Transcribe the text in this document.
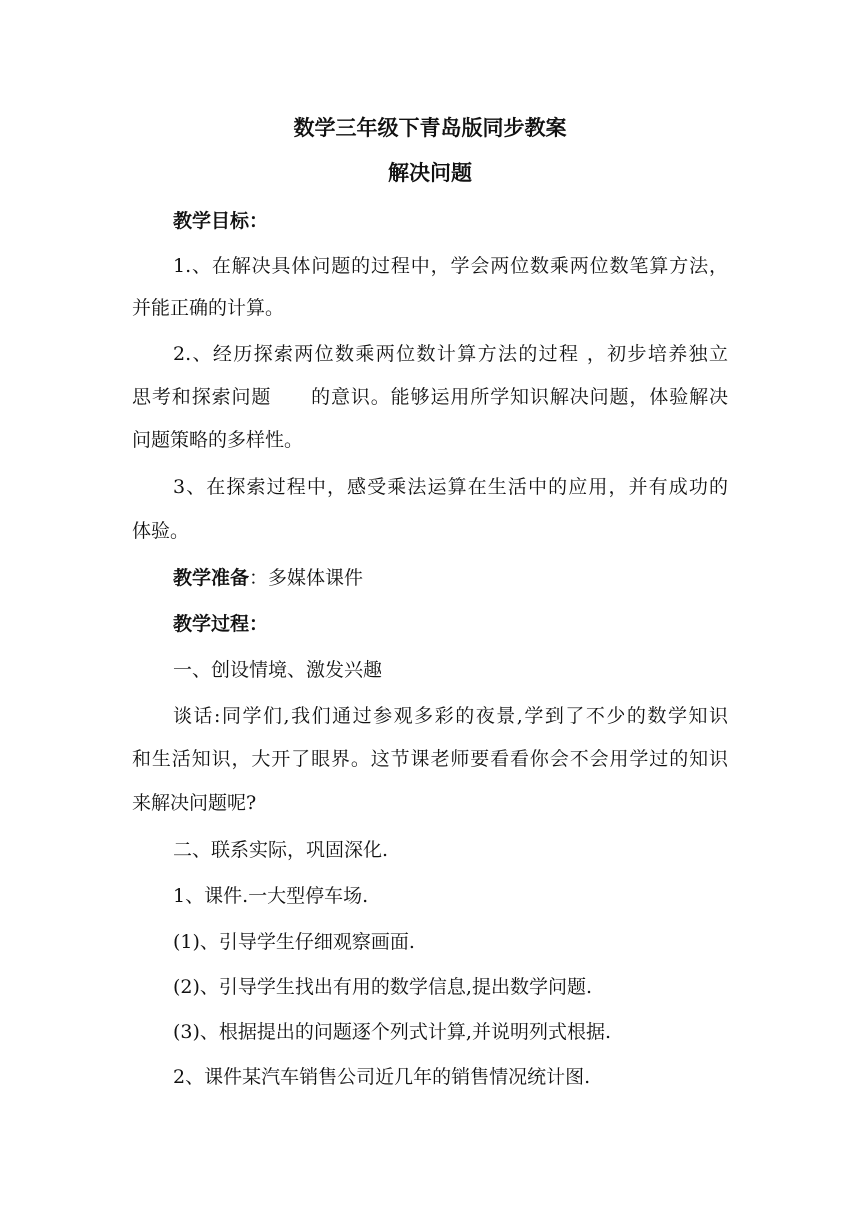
数学三年级下青岛版同步教案
解决问题
教学目标：
1.、在解决具体问题的过程中，学会两位数乘两位数笔算方法，
并能正确的计算。
2.、经历探索两位数乘两位数计算方法的过程 ，初步培养独立
思考和探索问题　　的意识。能够运用所学知识解决问题，体验解决
问题策略的多样性。
3、在探索过程中，感受乘法运算在生活中的应用，并有成功的
体验。
教学准备：多媒体课件
教学过程：
一、创设情境、激发兴趣
谈话:同学们,我们通过参观多彩的夜景,学到了不少的数学知识
和生活知识，大开了眼界。这节课老师要看看你会不会用学过的知识
来解决问题呢?
二、联系实际，巩固深化.
1、课件.一大型停车场.
(1)、引导学生仔细观察画面.
(2)、引导学生找出有用的数学信息,提出数学问题.
(3)、根据提出的问题逐个列式计算,并说明列式根据.
2、课件某汽车销售公司近几年的销售情况统计图.
